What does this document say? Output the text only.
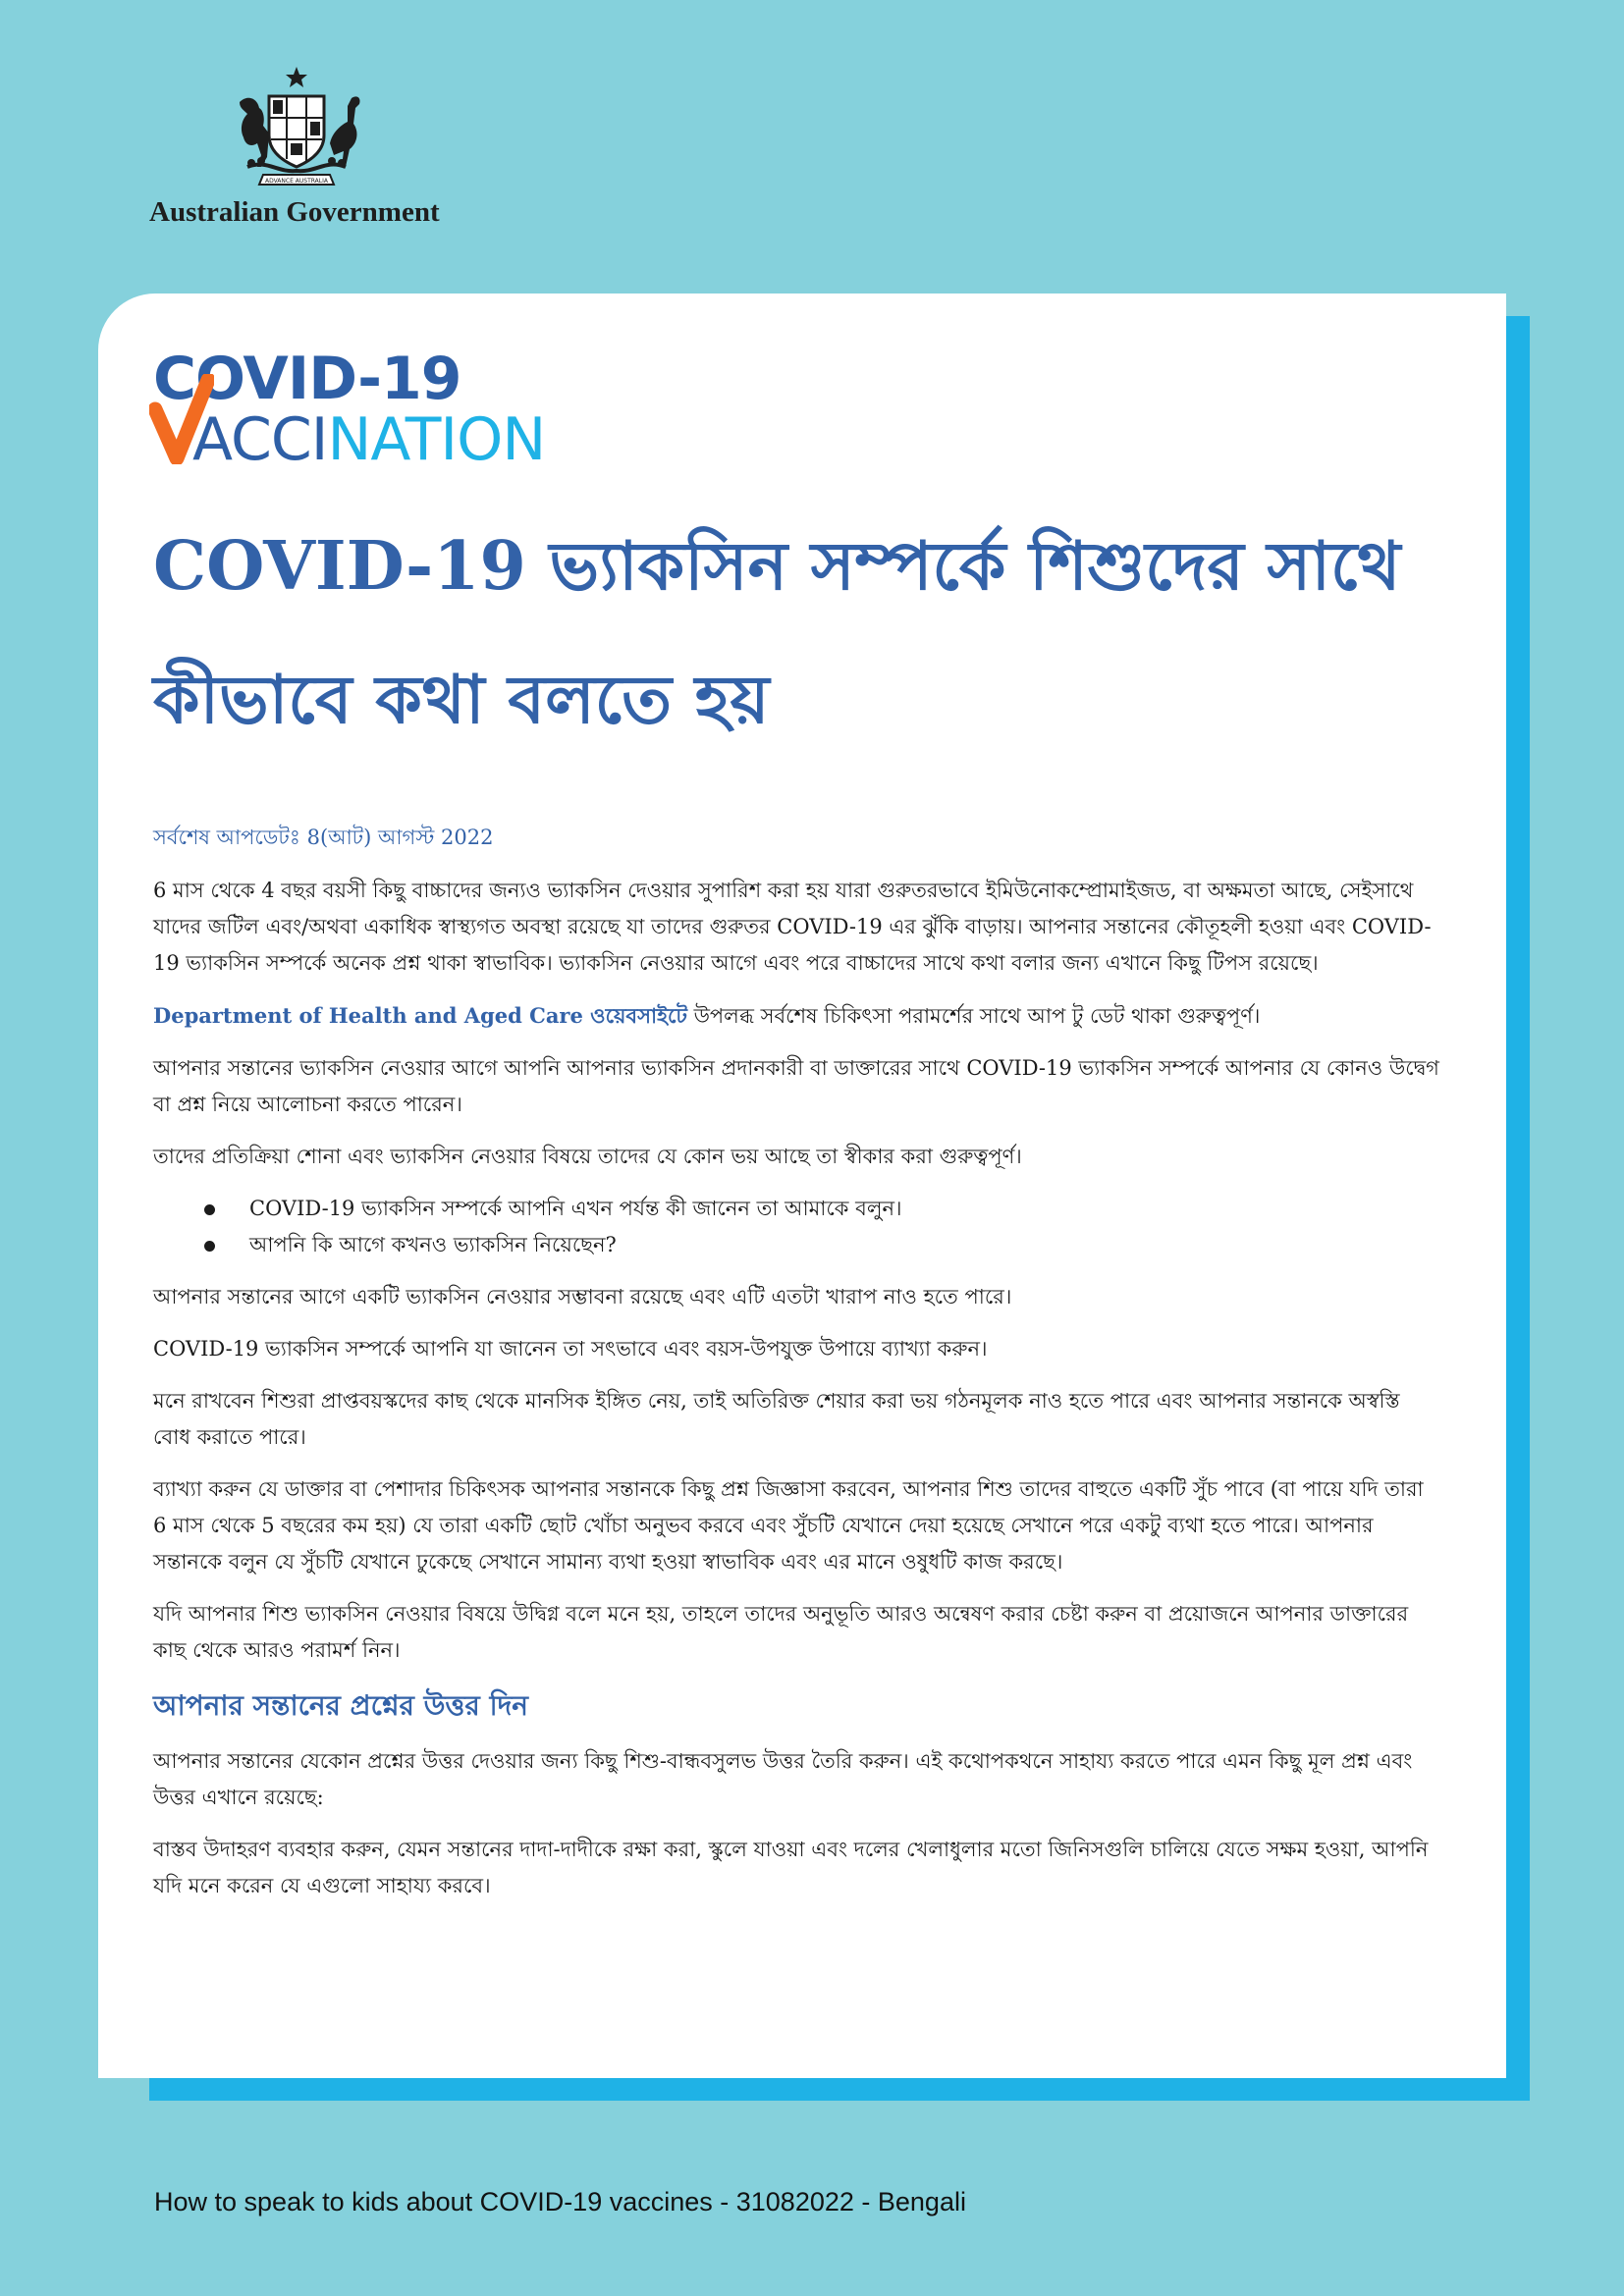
ADVANCE AUSTRALIA
Australian Government
COVID-19
ACCINATION
COVID-19 ভ্যাকসিন সম্পর্কে শিশুদের সাথে কীভাবে কথা বলতে হয়

সর্বশেষ আপডেটঃ 8(আট) আগস্ট 2022

6 মাস থেকে 4 বছর বয়সী কিছু বাচ্চাদের জন্যও ভ্যাকসিন দেওয়ার সুপারিশ করা হয় যারা গুরুতরভাবে ইমিউনোকম্প্রোমাইজড, বা অক্ষমতা আছে, সেইসাথে যাদের জটিল এবং/অথবা একাধিক স্বাস্থ্যগত অবস্থা রয়েছে যা তাদের গুরুতর COVID-19 এর ঝুঁকি বাড়ায়। আপনার সন্তানের কৌতূহলী হওয়া এবং COVID-19 ভ্যাকসিন সম্পর্কে অনেক প্রশ্ন থাকা স্বাভাবিক। ভ্যাকসিন নেওয়ার আগে এবং পরে বাচ্চাদের সাথে কথা বলার জন্য এখানে কিছু টিপস রয়েছে।

Department of Health and Aged Care ওয়েবসাইটে উপলব্ধ সর্বশেষ চিকিৎসা পরামর্শের সাথে আপ টু ডেট থাকা গুরুত্বপূর্ণ।

আপনার সন্তানের ভ্যাকসিন নেওয়ার আগে আপনি আপনার ভ্যাকসিন প্রদানকারী বা ডাক্তারের সাথে COVID-19 ভ্যাকসিন সম্পর্কে আপনার যে কোনও উদ্বেগ বা প্রশ্ন নিয়ে আলোচনা করতে পারেন।

তাদের প্রতিক্রিয়া শোনা এবং ভ্যাকসিন নেওয়ার বিষয়ে তাদের যে কোন ভয় আছে তা স্বীকার করা গুরুত্বপূর্ণ।

COVID-19 ভ্যাকসিন সম্পর্কে আপনি এখন পর্যন্ত কী জানেন তা আমাকে বলুন।
আপনি কি আগে কখনও ভ্যাকসিন নিয়েছেন?

আপনার সন্তানের আগে একটি ভ্যাকসিন নেওয়ার সম্ভাবনা রয়েছে এবং এটি এতটা খারাপ নাও হতে পারে।

COVID-19 ভ্যাকসিন সম্পর্কে আপনি যা জানেন তা সৎভাবে এবং বয়স-উপযুক্ত উপায়ে ব্যাখ্যা করুন।

মনে রাখবেন শিশুরা প্রাপ্তবয়স্কদের কাছ থেকে মানসিক ইঙ্গিত নেয়, তাই অতিরিক্ত শেয়ার করা ভয় গঠনমূলক নাও হতে পারে এবং আপনার সন্তানকে অস্বস্তি বোধ করাতে পারে।

ব্যাখ্যা করুন যে ডাক্তার বা পেশাদার চিকিৎসক আপনার সন্তানকে কিছু প্রশ্ন জিজ্ঞাসা করবেন, আপনার শিশু তাদের বাহুতে একটি সুঁচ পাবে (বা পায়ে যদি তারা 6 মাস থেকে 5 বছরের কম হয়) যে তারা একটি ছোট খোঁচা অনুভব করবে এবং সুঁচটি যেখানে দেয়া হয়েছে সেখানে পরে একটু ব্যথা হতে পারে। আপনার সন্তানকে বলুন যে সুঁচটি যেখানে ঢুকেছে সেখানে সামান্য ব্যথা হওয়া স্বাভাবিক এবং এর মানে ওষুধটি কাজ করছে।

যদি আপনার শিশু ভ্যাকসিন নেওয়ার বিষয়ে উদ্বিগ্ন বলে মনে হয়, তাহলে তাদের অনুভূতি আরও অন্বেষণ করার চেষ্টা করুন বা প্রয়োজনে আপনার ডাক্তারের কাছ থেকে আরও পরামর্শ নিন।

আপনার সন্তানের প্রশ্নের উত্তর দিন

আপনার সন্তানের যেকোন প্রশ্নের উত্তর দেওয়ার জন্য কিছু শিশু-বান্ধবসুলভ উত্তর তৈরি করুন। এই কথোপকথনে সাহায্য করতে পারে এমন কিছু মূল প্রশ্ন এবং উত্তর এখানে রয়েছে:

বাস্তব উদাহরণ ব্যবহার করুন, যেমন সন্তানের দাদা-দাদীকে রক্ষা করা, স্কুলে যাওয়া এবং দলের খেলাধুলার মতো জিনিসগুলি চালিয়ে যেতে সক্ষম হওয়া, আপনি যদি মনে করেন যে এগুলো সাহায্য করবে।

How to speak to kids about COVID-19 vaccines - 31082022 - Bengali
